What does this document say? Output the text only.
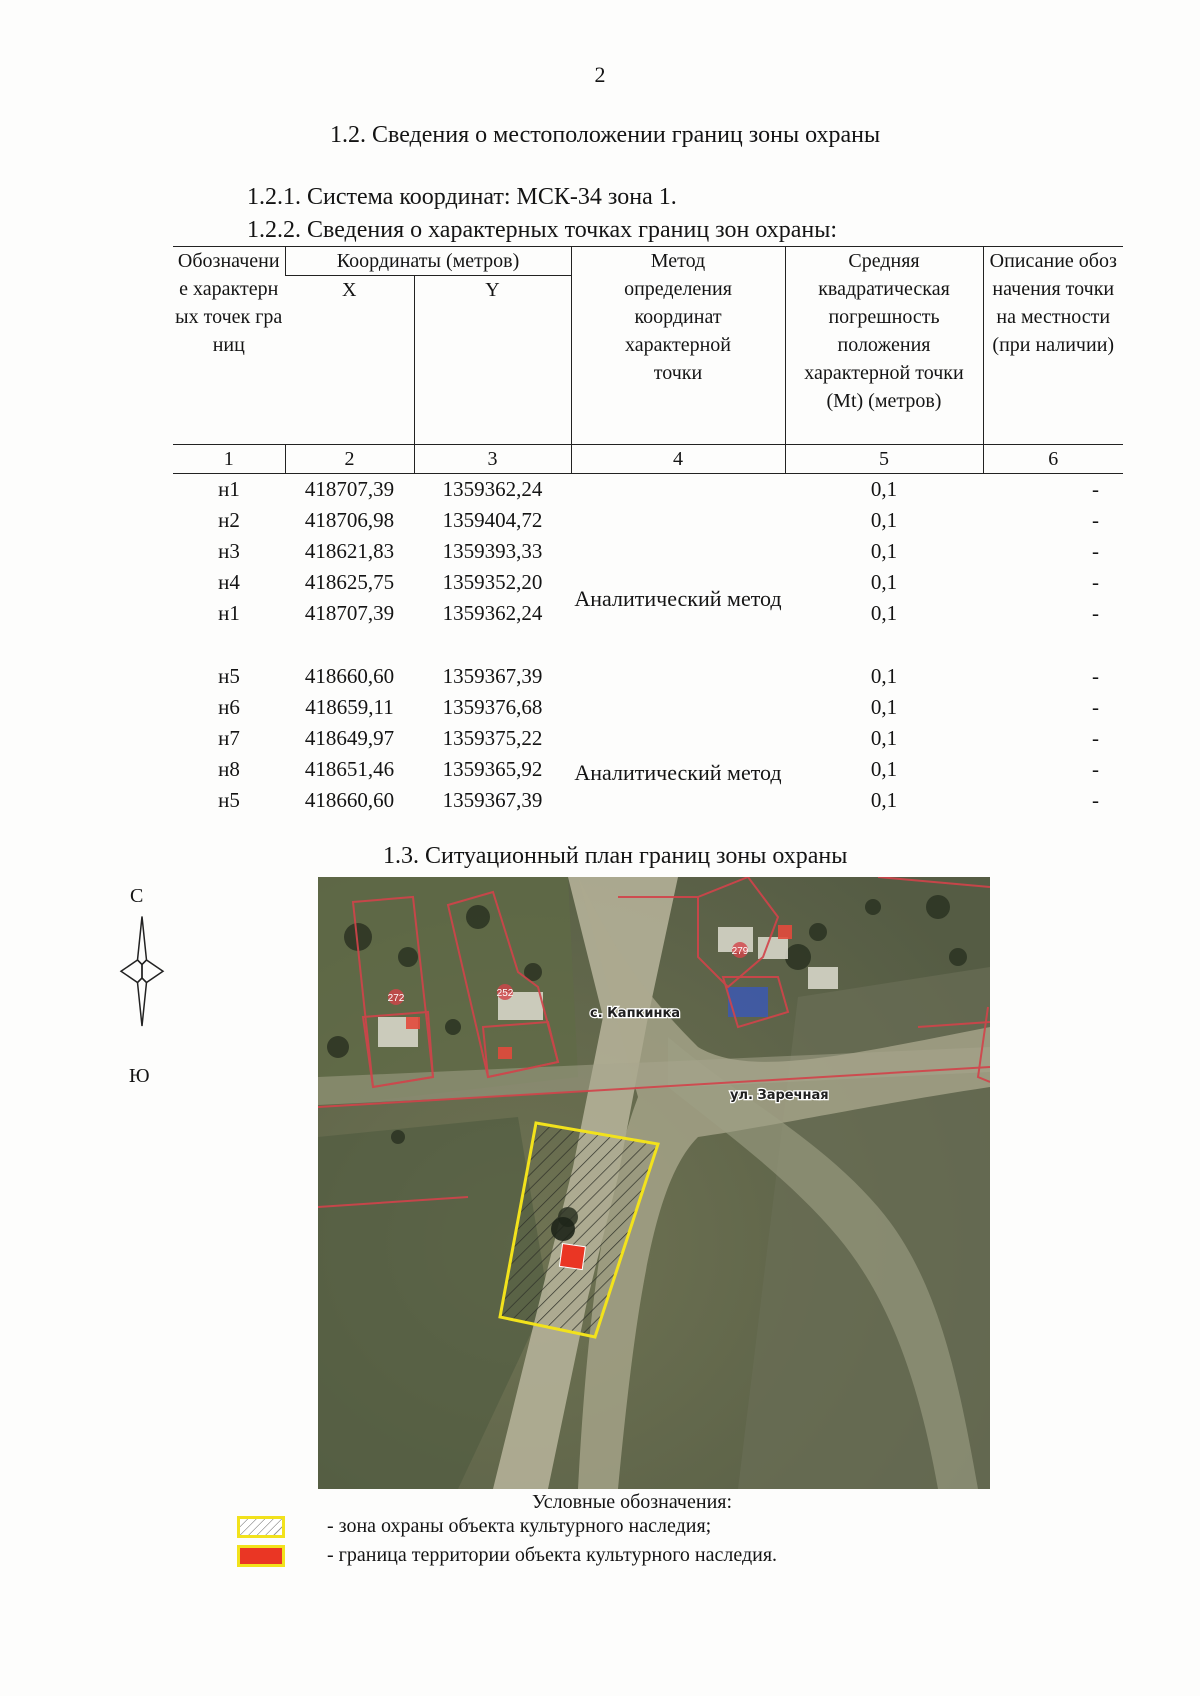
2
1.2. Сведения о местоположении границ зоны охраны
1.2.1. Система координат: МСК-34 зона 1.
1.2.2. Сведения о характерных точках границ зон охраны:
Обозначение характерных точек границ	Координаты (метров)		Метод определения координат характерной точки	Средняя квадратическая погрешность положения характерной точки (Mt) (метров)	Описание обозначения точки на местности (при наличии)
	X	Y			
1	2	3	4	5	6
н1	418707,39	1359362,24	Аналитический метод	0,1	-
н2	418706,98	1359404,72		0,1	-
н3	418621,83	1359393,33		0,1	-
н4	418625,75	1359352,20		0,1	-
н1	418707,39	1359362,24		0,1	-

н5	418660,60	1359367,39	Аналитический метод	0,1	-
н6	418659,11	1359376,68		0,1	-
н7	418649,97	1359375,22		0,1	-
н8	418651,46	1359365,92		0,1	-
н5	418660,60	1359367,39		0,1	-
1.3. Ситуационный план границ зоны охраны
С
Ю
272	252
279
с. Капкинка
ул. Заречная
Условные обозначения:
- зона охраны объекта культурного наследия;
- граница территории объекта культурного наследия.
